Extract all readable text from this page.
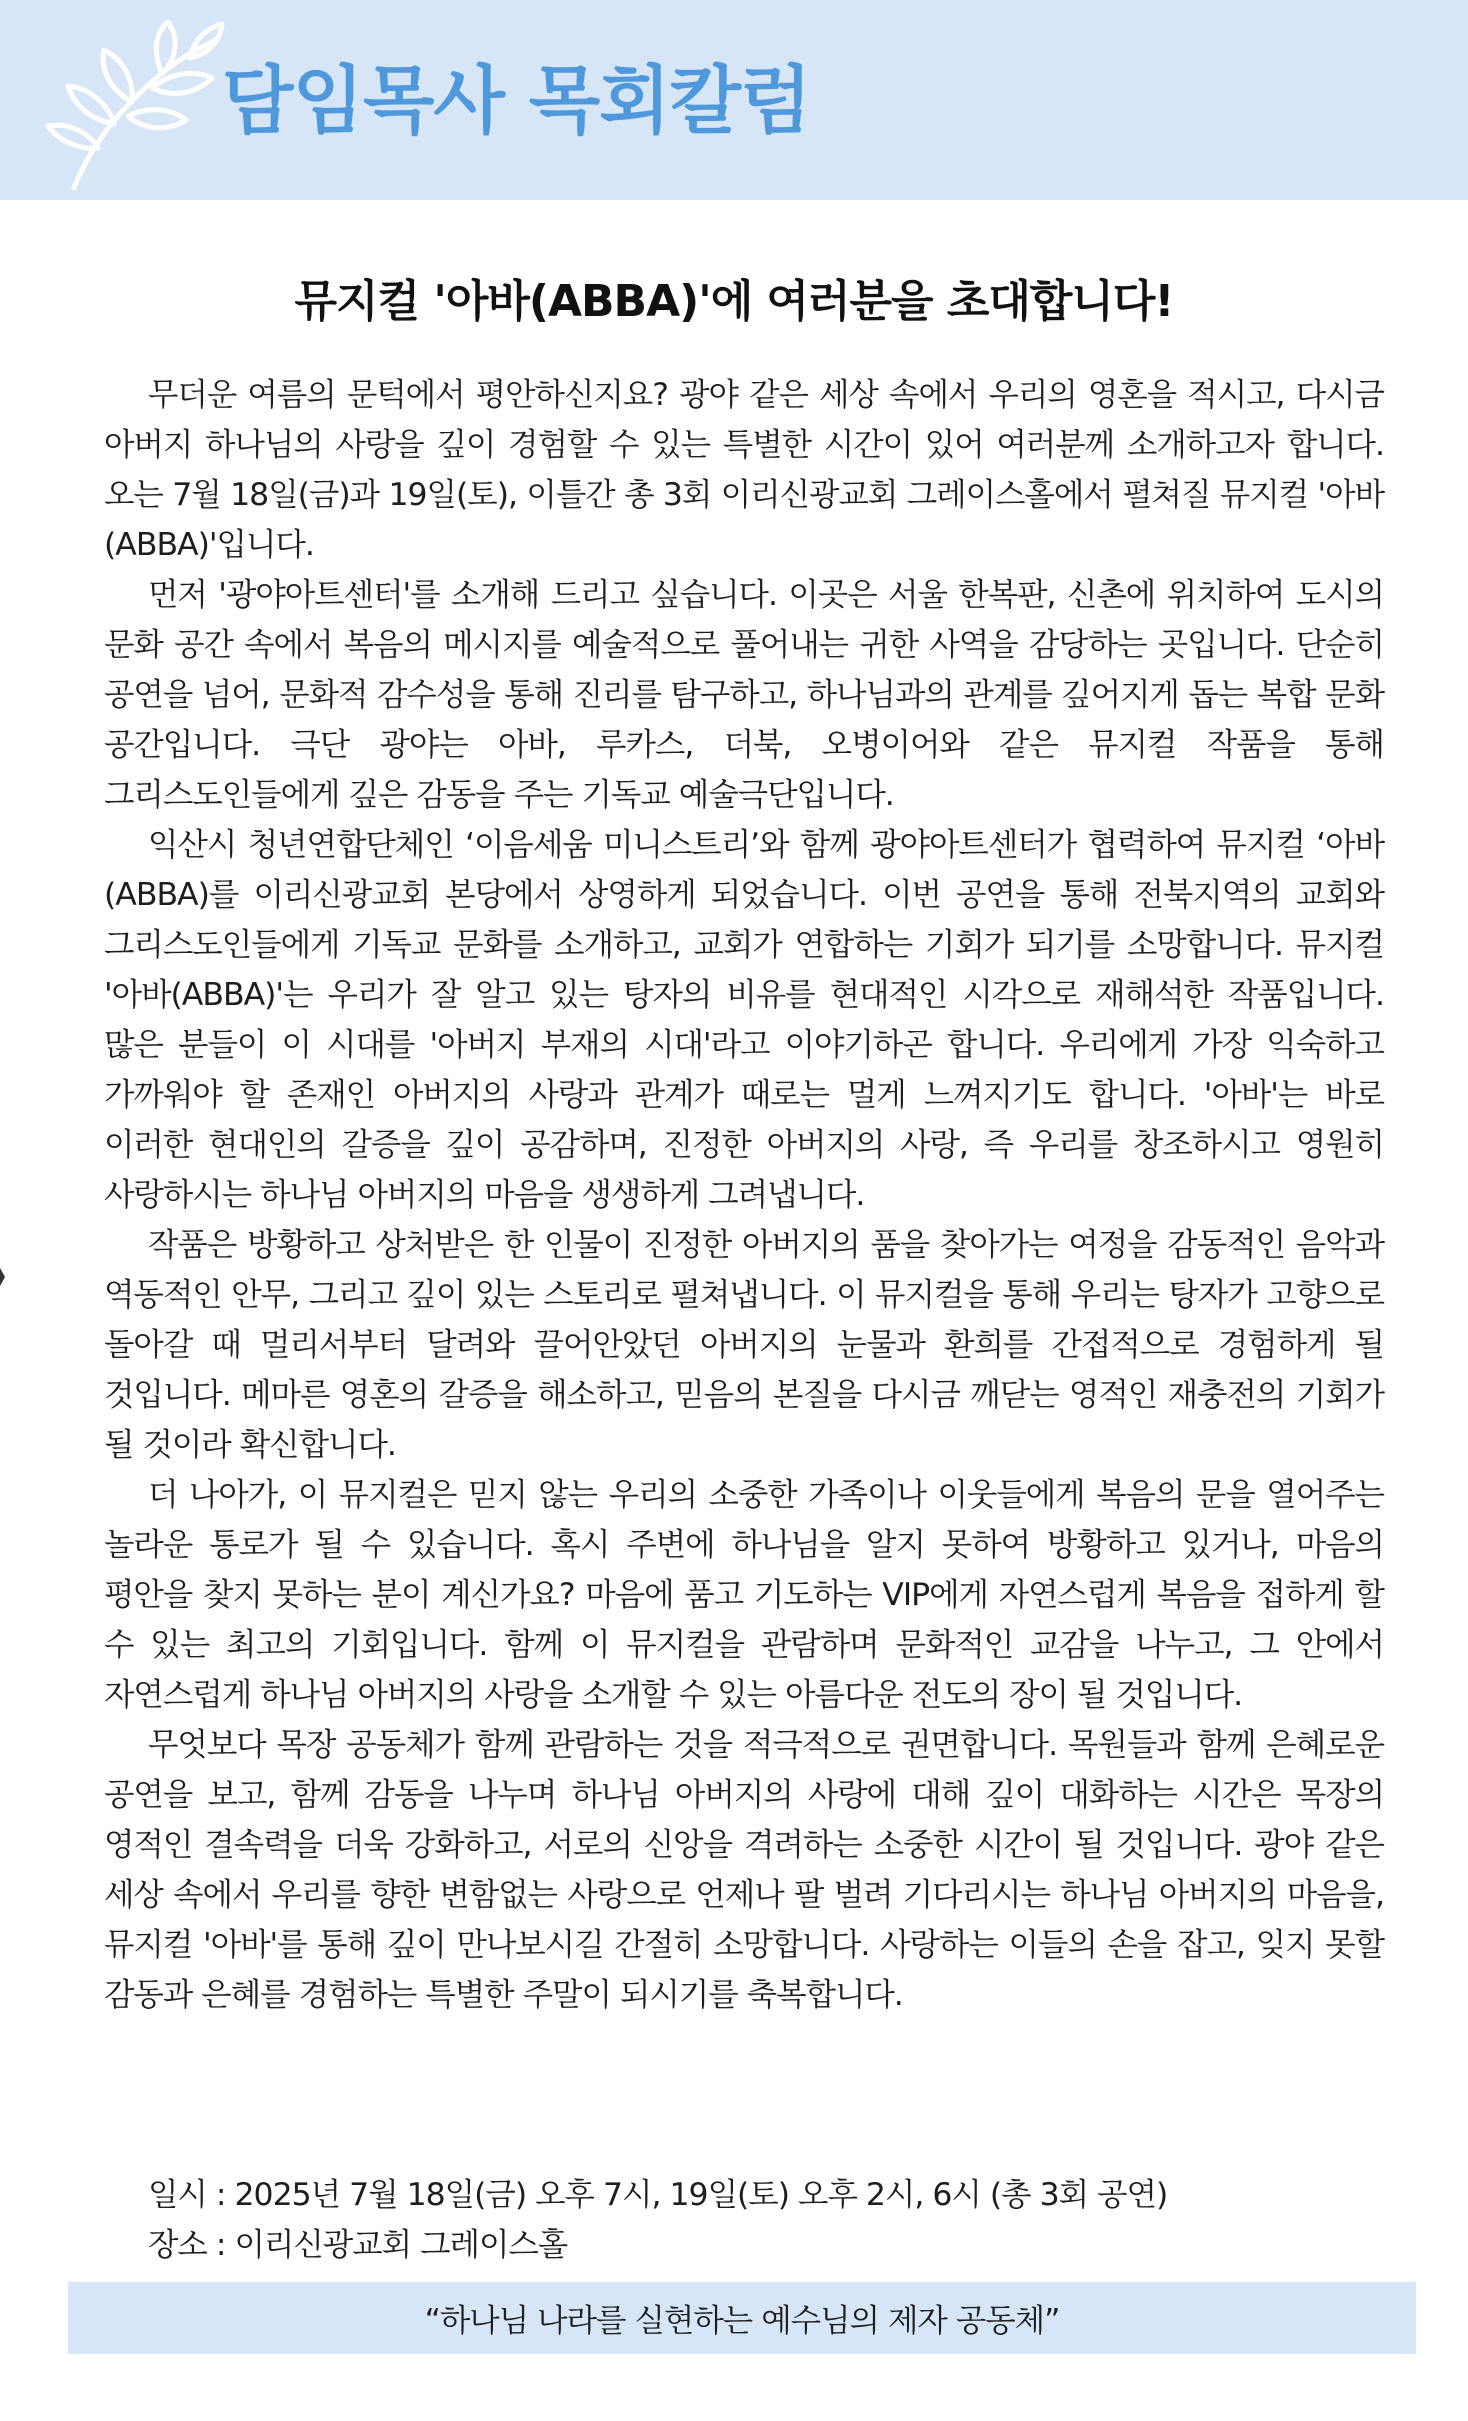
담임목사 목회칼럼
뮤지컬 '아바(ABBA)'에 여러분을 초대합니다!

무더운 여름의 문턱에서 평안하신지요? 광야 같은 세상 속에서 우리의 영혼을 적시고, 다시금 아버지 하나님의 사랑을 깊이 경험할 수 있는 특별한 시간이 있어 여러분께 소개하고자 합니다. 오는 7월 18일(금)과 19일(토), 이틀간 총 3회 이리신광교회 그레이스홀에서 펼쳐질 뮤지컬 '아바(ABBA)'입니다.

먼저 '광야아트센터'를 소개해 드리고 싶습니다. 이곳은 서울 한복판, 신촌에 위치하여 도시의 문화 공간 속에서 복음의 메시지를 예술적으로 풀어내는 귀한 사역을 감당하는 곳입니다. 단순히 공연을 넘어, 문화적 감수성을 통해 진리를 탐구하고, 하나님과의 관계를 깊어지게 돕는 복합 문화 공간입니다. 극단 광야는 아바, 루카스, 더북, 오병이어와 같은 뮤지컬 작품을 통해 그리스도인들에게 깊은 감동을 주는 기독교 예술극단입니다.

익산시 청년연합단체인 ‘이음세움 미니스트리’와 함께 광야아트센터가 협력하여 뮤지컬 ‘아바(ABBA)를 이리신광교회 본당에서 상영하게 되었습니다. 이번 공연을 통해 전북지역의 교회와 그리스도인들에게 기독교 문화를 소개하고, 교회가 연합하는 기회가 되기를 소망합니다. 뮤지컬 '아바(ABBA)'는 우리가 잘 알고 있는 탕자의 비유를 현대적인 시각으로 재해석한 작품입니다. 많은 분들이 이 시대를 '아버지 부재의 시대'라고 이야기하곤 합니다. 우리에게 가장 익숙하고 가까워야 할 존재인 아버지의 사랑과 관계가 때로는 멀게 느껴지기도 합니다. '아바'는 바로 이러한 현대인의 갈증을 깊이 공감하며, 진정한 아버지의 사랑, 즉 우리를 창조하시고 영원히 사랑하시는 하나님 아버지의 마음을 생생하게 그려냅니다.

작품은 방황하고 상처받은 한 인물이 진정한 아버지의 품을 찾아가는 여정을 감동적인 음악과 역동적인 안무, 그리고 깊이 있는 스토리로 펼쳐냅니다. 이 뮤지컬을 통해 우리는 탕자가 고향으로 돌아갈 때 멀리서부터 달려와 끌어안았던 아버지의 눈물과 환희를 간접적으로 경험하게 될 것입니다. 메마른 영혼의 갈증을 해소하고, 믿음의 본질을 다시금 깨닫는 영적인 재충전의 기회가 될 것이라 확신합니다.

더 나아가, 이 뮤지컬은 믿지 않는 우리의 소중한 가족이나 이웃들에게 복음의 문을 열어주는 놀라운 통로가 될 수 있습니다. 혹시 주변에 하나님을 알지 못하여 방황하고 있거나, 마음의 평안을 찾지 못하는 분이 계신가요? 마음에 품고 기도하는 VIP에게 자연스럽게 복음을 접하게 할 수 있는 최고의 기회입니다. 함께 이 뮤지컬을 관람하며 문화적인 교감을 나누고, 그 안에서 자연스럽게 하나님 아버지의 사랑을 소개할 수 있는 아름다운 전도의 장이 될 것입니다.

무엇보다 목장 공동체가 함께 관람하는 것을 적극적으로 권면합니다. 목원들과 함께 은혜로운 공연을 보고, 함께 감동을 나누며 하나님 아버지의 사랑에 대해 깊이 대화하는 시간은 목장의 영적인 결속력을 더욱 강화하고, 서로의 신앙을 격려하는 소중한 시간이 될 것입니다. 광야 같은 세상 속에서 우리를 향한 변함없는 사랑으로 언제나 팔 벌려 기다리시는 하나님 아버지의 마음을, 뮤지컬 '아바'를 통해 깊이 만나보시길 간절히 소망합니다. 사랑하는 이들의 손을 잡고, 잊지 못할 감동과 은혜를 경험하는 특별한 주말이 되시기를 축복합니다.

일시 : 2025년 7월 18일(금) 오후 7시, 19일(토) 오후 2시, 6시 (총 3회 공연)
장소 : 이리신광교회 그레이스홀
“하나님 나라를 실현하는 예수님의 제자 공동체”
